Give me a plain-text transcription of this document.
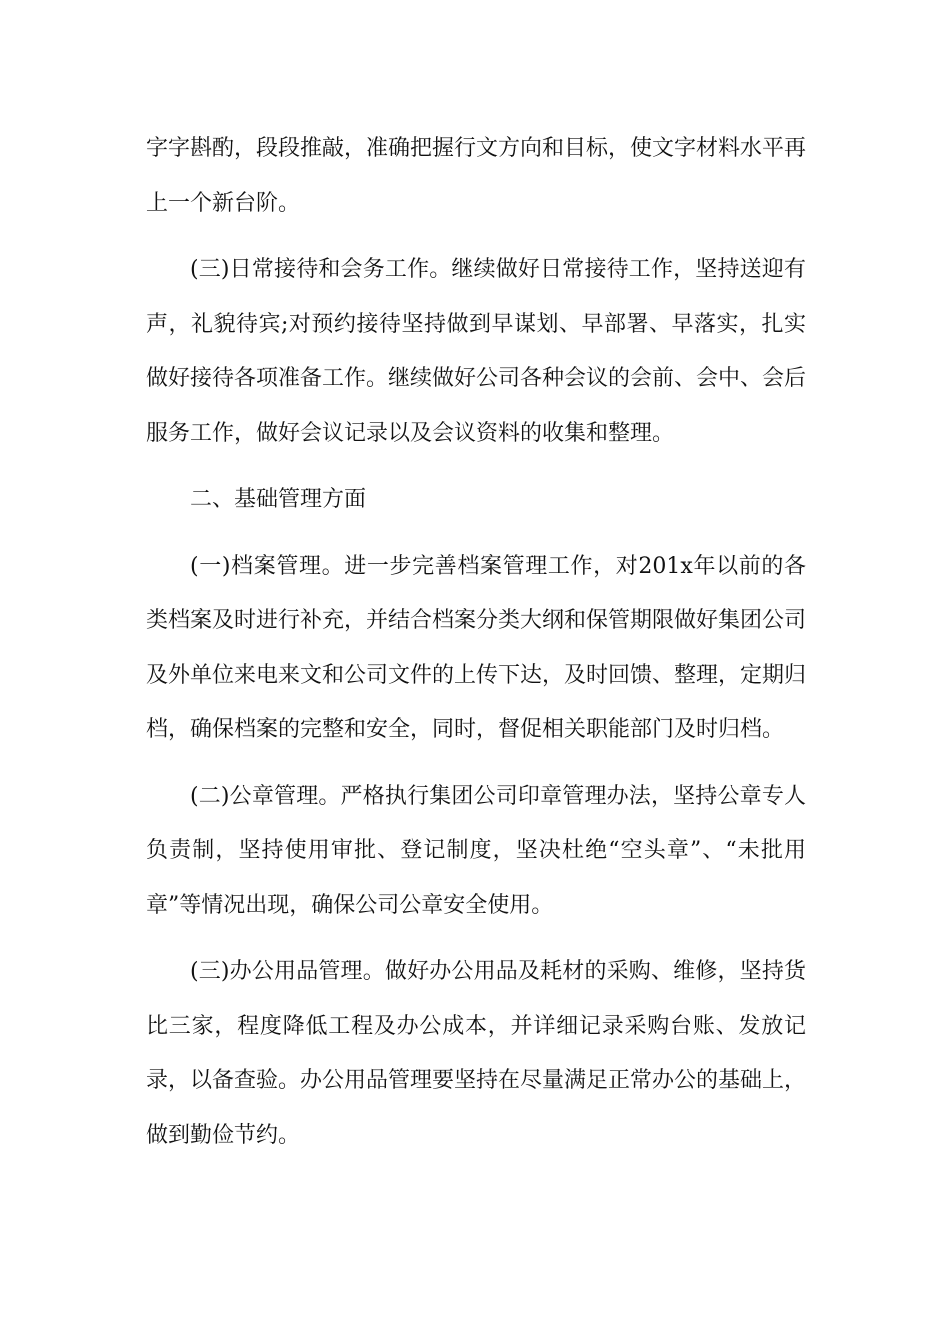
字字斟酌，段段推敲，准确把握行文方向和目标，使文字材料水平再上一个新台阶。

(三)日常接待和会务工作。继续做好日常接待工作，坚持送迎有声，礼貌待宾;对预约接待坚持做到早谋划、早部署、早落实，扎实做好接待各项准备工作。继续做好公司各种会议的会前、会中、会后服务工作，做好会议记录以及会议资料的收集和整理。

二、基础管理方面

(一)档案管理。进一步完善档案管理工作，对201x年以前的各类档案及时进行补充，并结合档案分类大纲和保管期限做好集团公司及外单位来电来文和公司文件的上传下达，及时回馈、整理，定期归档，确保档案的完整和安全，同时，督促相关职能部门及时归档。

(二)公章管理。严格执行集团公司印章管理办法，坚持公章专人负责制，坚持使用审批、登记制度，坚决杜绝“空头章”、“未批用章”等情况出现，确保公司公章安全使用。

(三)办公用品管理。做好办公用品及耗材的采购、维修，坚持货比三家，程度降低工程及办公成本，并详细记录采购台账、发放记录，以备查验。办公用品管理要坚持在尽量满足正常办公的基础上，做到勤俭节约。
